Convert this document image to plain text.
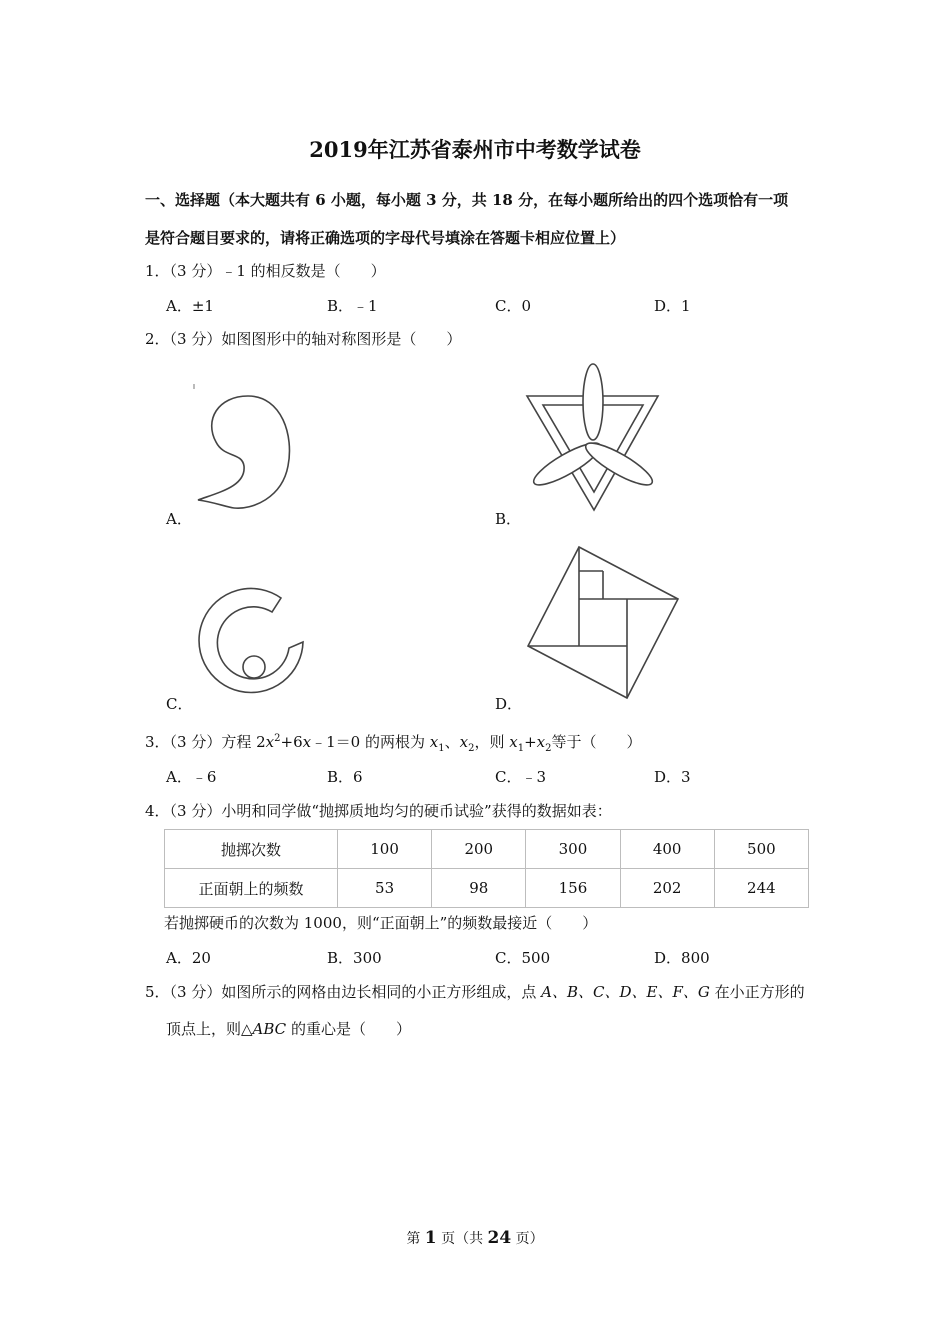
2019年江苏省泰州市中考数学试卷
一、选择题（本大题共有 6 小题，每小题 3 分，共 18 分，在每小题所给出的四个选项恰有一项
是符合题目要求的，请将正确选项的字母代号填涂在答题卡相应位置上）
1．（3 分）﹣1 的相反数是（　　）
A．±1	B．﹣1	C．0	D．1
2．（3 分）如图图形中的轴对称图形是（　　）
A．	B．
C．	D．
3．（3 分）方程 $2x^2+6x﹣1=0$ 的两根为 $x_1$、$x_2$，则 $x_1+x_2$等于（　　）
A．﹣6	B．6	C．﹣3	D．3
4．（3 分）小明和同学做“抛掷质地均匀的硬币试验”获得的数据如表：
抛掷次数	100	200	300	400	500
正面朝上的频数	53	98	156	202	244
若抛掷硬币的次数为 1000，则“正面朝上”的频数最接近（　　）
A．20	B．300	C．500	D．800
5．（3 分）如图所示的网格由边长相同的小正方形组成，点 A、B、C、D、E、F、G 在小正方形的
顶点上，则△ABC 的重心是（　　）
第 1 页（共 24 页）
